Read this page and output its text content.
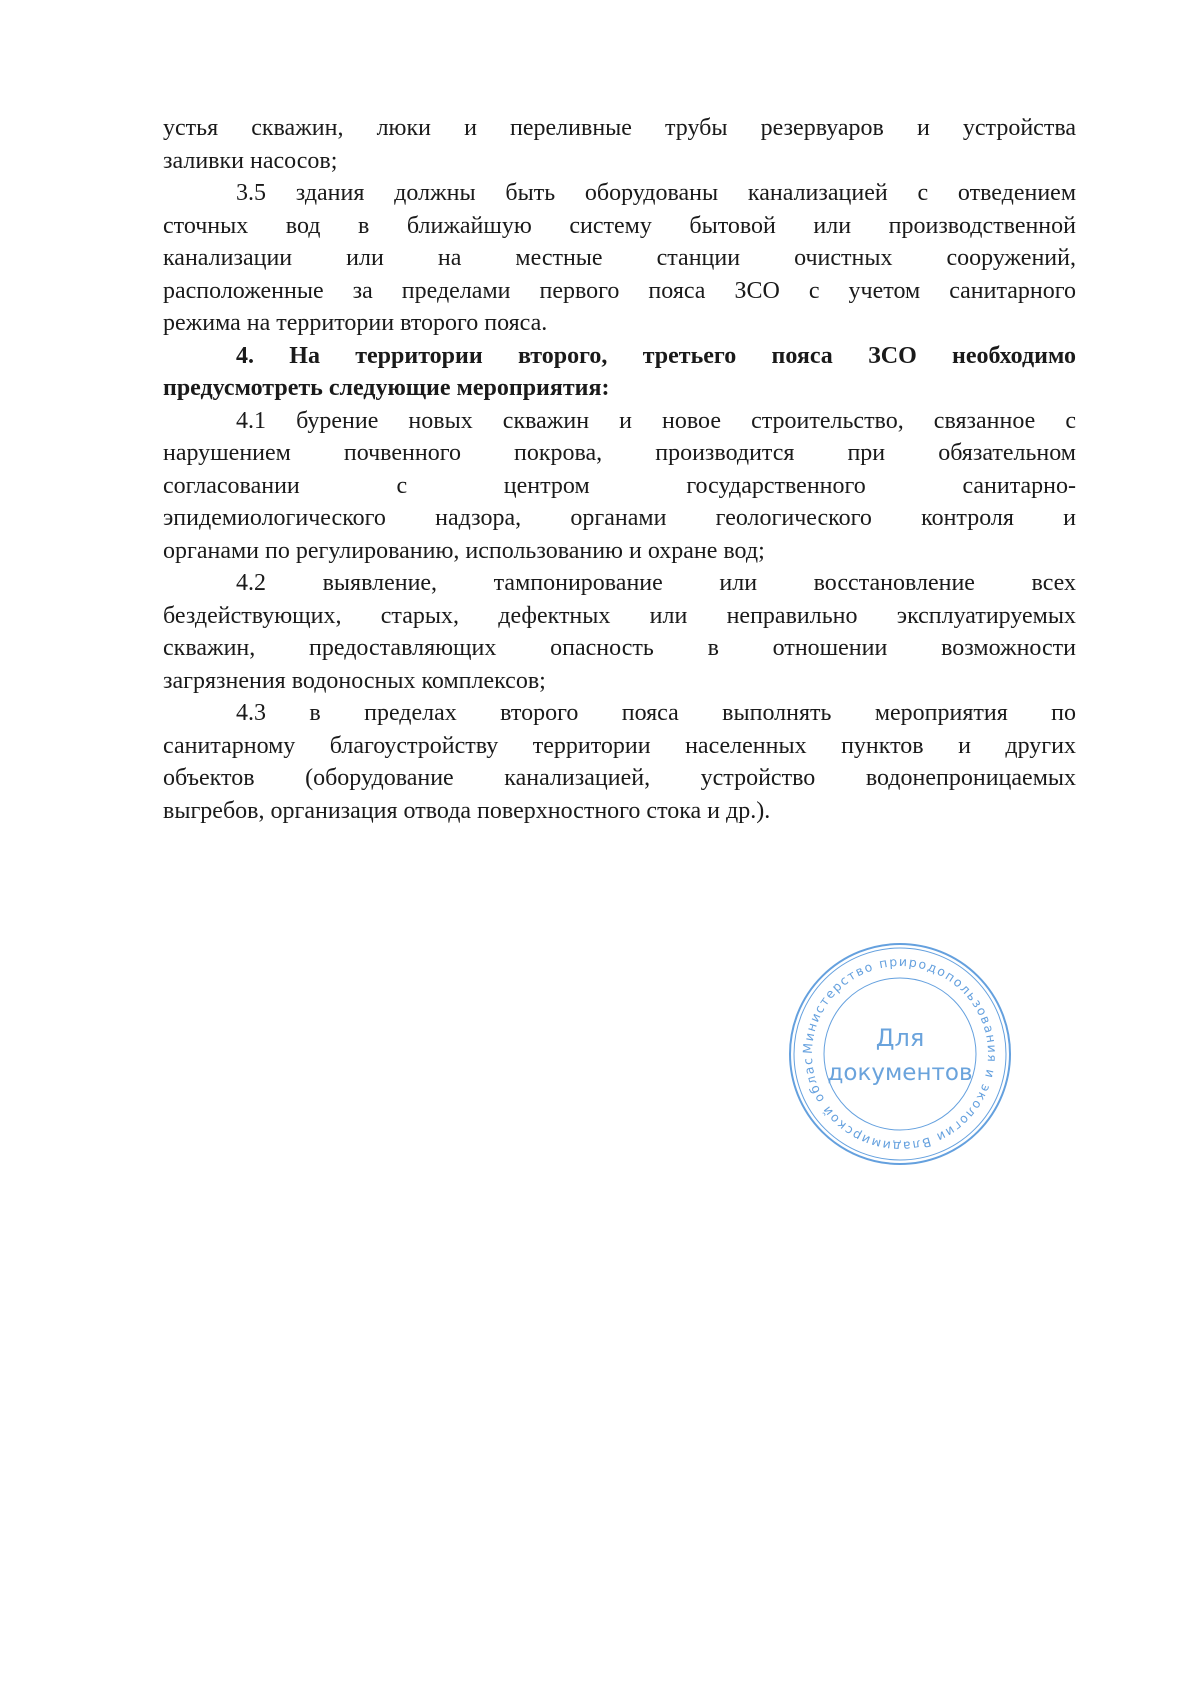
устья скважин, люки и переливные трубы резервуаров и устройства
заливки насосов;
3.5 здания должны быть оборудованы канализацией с отведением
сточных вод в ближайшую систему бытовой или производственной
канализации или на местные станции очистных сооружений,
расположенные за пределами первого пояса ЗСО с учетом санитарного
режима на территории второго пояса.
4. На территории второго, третьего пояса ЗСО необходимо
предусмотреть следующие мероприятия:
4.1 бурение новых скважин и новое строительство, связанное с
нарушением почвенного покрова, производится при обязательном
согласовании с центром государственного санитарно-
эпидемиологического надзора, органами геологического контроля и
органами по регулированию, использованию и охране вод;
4.2 выявление, тампонирование или восстановление всех
бездействующих, старых, дефектных или неправильно эксплуатируемых
скважин, предоставляющих опасность в отношении возможности
загрязнения водоносных комплексов;
4.3 в пределах второго пояса выполнять мероприятия по
санитарному благоустройству территории населенных пунктов и других
объектов (оборудование канализацией, устройство водонепроницаемых
выгребов, организация отвода поверхностного стока и др.).
Министерство природопользования и экологии Владимирской облас
Для
документов
